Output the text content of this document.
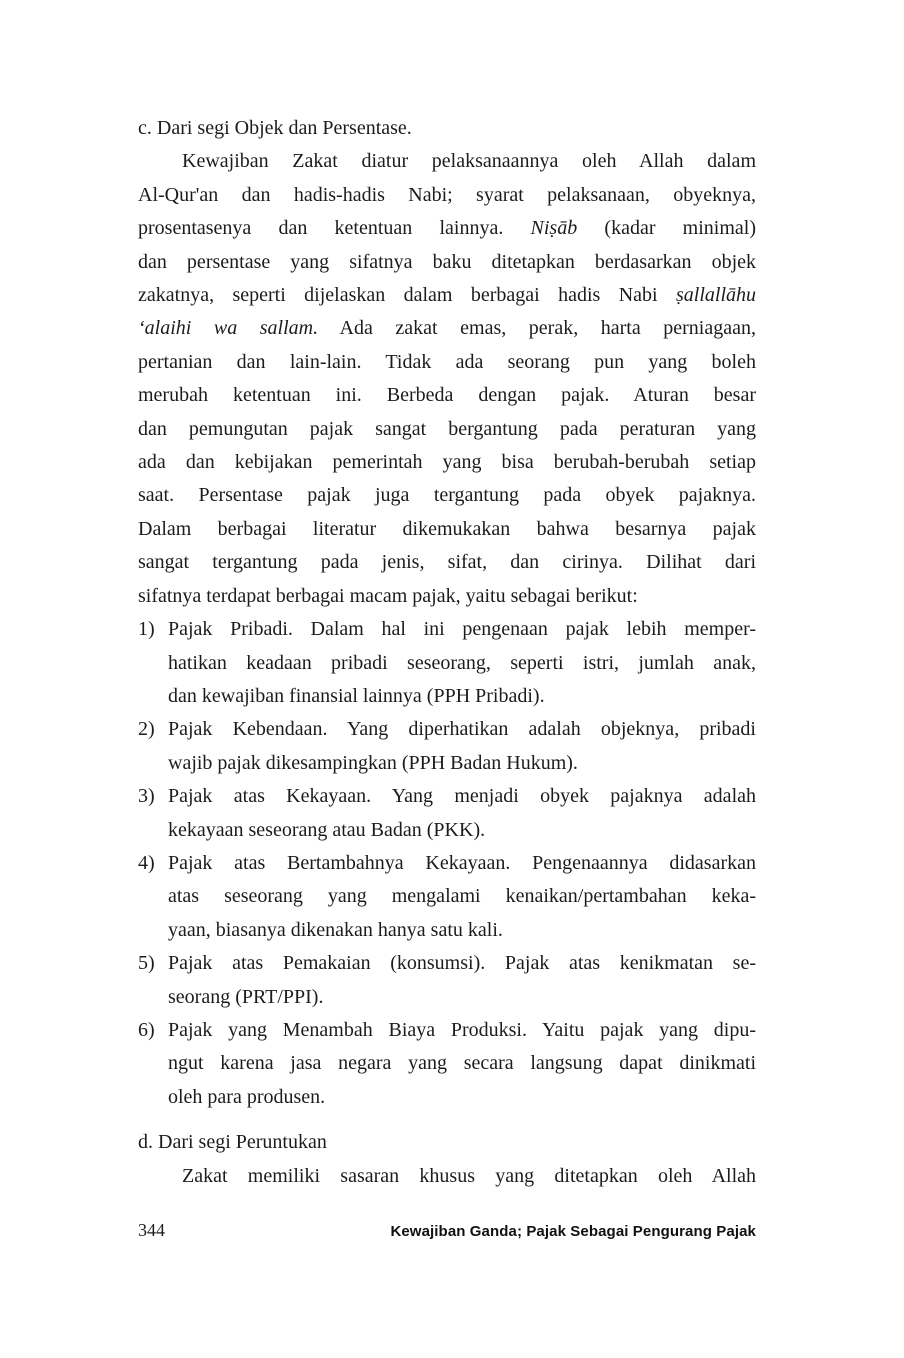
c. Dari segi Objek dan Persentase.
Kewajiban Zakat diatur pelaksanaannya oleh Allah dalam
Al-Qur'an dan hadis-hadis Nabi; syarat pelaksanaan, obyeknya,
prosentasenya dan ketentuan lainnya. Niṣāb (kadar minimal)
dan persentase yang sifatnya baku ditetapkan berdasarkan objek
zakatnya, seperti dijelaskan dalam berbagai hadis Nabi ṣallallāhu
‘alaihi wa sallam. Ada zakat emas, perak, harta perniagaan,
pertanian dan lain-lain. Tidak ada seorang pun yang boleh
merubah ketentuan ini. Berbeda dengan pajak. Aturan besar
dan pemungutan pajak sangat bergantung pada peraturan yang
ada dan kebijakan pemerintah yang bisa berubah-berubah setiap
saat. Persentase pajak juga tergantung pada obyek pajaknya.
Dalam berbagai literatur dikemukakan bahwa besarnya pajak
sangat tergantung pada jenis, sifat, dan cirinya. Dilihat dari
sifatnya terdapat berbagai macam pajak, yaitu sebagai berikut:
1) Pajak Pribadi. Dalam hal ini pengenaan pajak lebih memper-
hatikan keadaan pribadi seseorang, seperti istri, jumlah anak,
dan kewajiban finansial lainnya (PPH Pribadi).
2) Pajak Kebendaan. Yang diperhatikan adalah objeknya, pribadi
wajib pajak dikesampingkan (PPH Badan Hukum).
3) Pajak atas Kekayaan. Yang menjadi obyek pajaknya adalah
kekayaan seseorang atau Badan (PKK).
4) Pajak atas Bertambahnya Kekayaan. Pengenaannya didasarkan
atas seseorang yang mengalami kenaikan/pertambahan keka-
yaan, biasanya dikenakan hanya satu kali.
5) Pajak atas Pemakaian (konsumsi). Pajak atas kenikmatan se-
seorang (PRT/PPI).
6) Pajak yang Menambah Biaya Produksi. Yaitu pajak yang dipu-
ngut karena jasa negara yang secara langsung dapat dinikmati
oleh para produsen.
d. Dari segi Peruntukan
Zakat memiliki sasaran khusus yang ditetapkan oleh Allah
344	Kewajiban Ganda; Pajak Sebagai Pengurang Pajak
